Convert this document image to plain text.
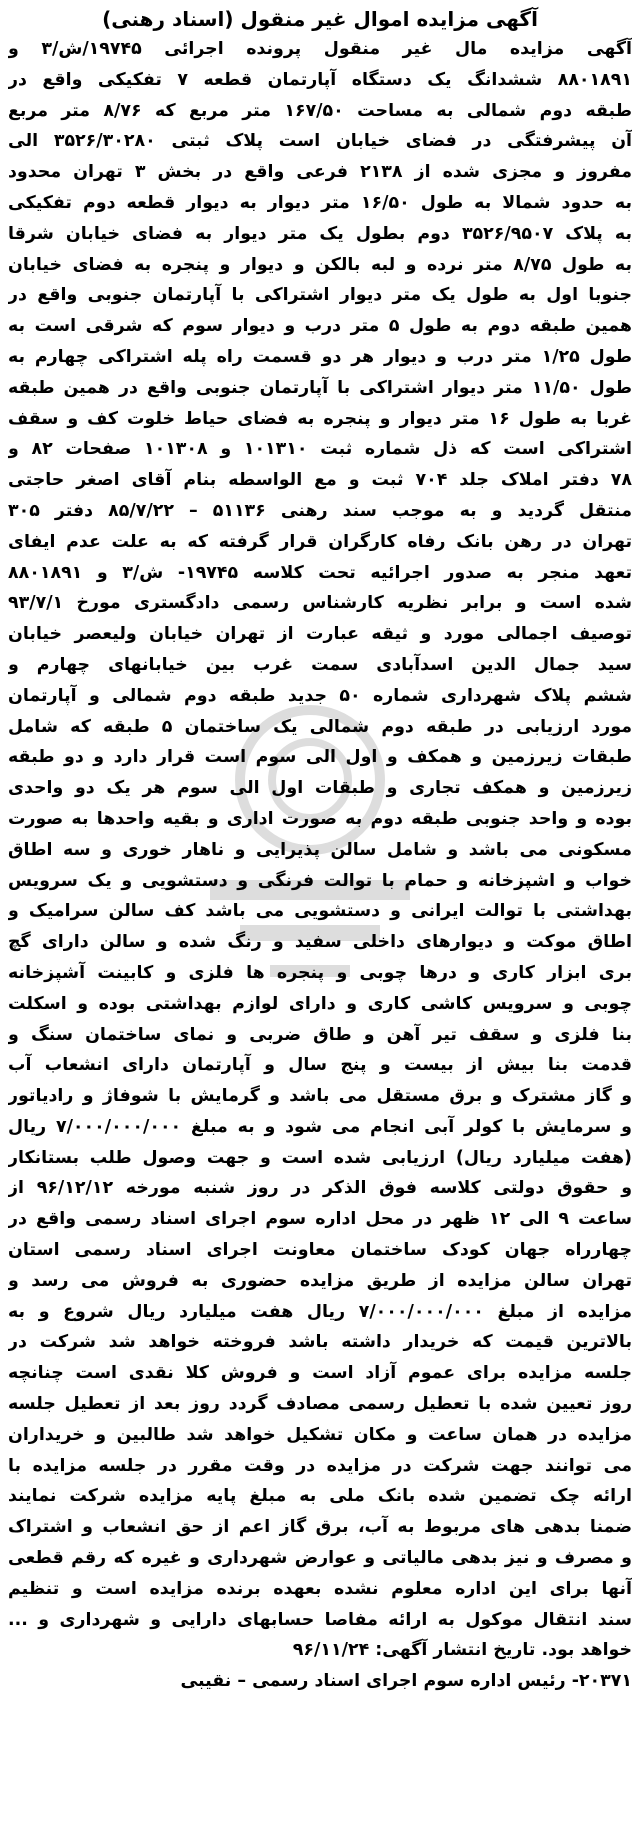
آگهی مزایده اموال غیر منقول (اسناد رهنی)
آگهی مزایده مال غیر منقول پرونده اجرائی ۱۹۷۴۵/ش/۳ و
۸۸۰۱۸۹۱ ششدانگ یک دستگاه آپارتمان قطعه ۷ تفکیکی واقع در
طبقه دوم شمالی به مساحت ۱۶۷/۵۰ متر مربع که ۸/۷۶ متر مربع
آن پیشرفتگی در فضای خیابان است پلاک ثبتی ۳۵۲۶/۳۰۲۸۰ الی
مفروز و مجزی شده از ۲۱۳۸ فرعی واقع در بخش ۳ تهران محدود
به حدود شمالا به طول ۱۶/۵۰ متر دیوار به دیوار قطعه دوم تفکیکی
به پلاک ۳۵۲۶/۹۵۰۷ دوم بطول یک متر دیوار به فضای خیابان شرقا
به طول ۸/۷۵ متر نرده و لبه بالکن و دیوار و پنجره به فضای خیابان
جنوبا اول به طول یک متر دیوار اشتراکی با آپارتمان جنوبی واقع در
همین طبقه دوم به طول ۵ متر درب و دیوار سوم که شرقی است به
طول ۱/۲۵ متر درب و دیوار هر دو قسمت راه پله اشتراکی چهارم به
طول ۱۱/۵۰ متر دیوار اشتراکی با آپارتمان جنوبی واقع در همین طبقه
غربا به طول ۱۶ متر دیوار و پنجره به فضای حیاط خلوت کف و سقف
اشتراکی است که ذل شماره ثبت ۱۰۱۳۱۰ و ۱۰۱۳۰۸ صفحات ۸۲ و
۷۸ دفتر املاک جلد ۷۰۴ ثبت و مع الواسطه بنام آقای اصغر حاجتی
منتقل گردید و به موجب سند رهنی ۵۱۱۳۶ – ۸۵/۷/۲۲ دفتر ۳۰۵
تهران در رهن بانک رفاه کارگران قرار گرفته که به علت عدم ایفای
تعهد منجر به صدور اجرائیه تحت کلاسه ۱۹۷۴۵- ش/۳ و ۸۸۰۱۸۹۱
شده است و برابر نظریه کارشناس رسمی دادگستری مورخ ۹۳/۷/۱
توصیف اجمالی مورد و ثیقه عبارت از تهران خیابان ولیعصر خیابان
سید جمال الدین اسدآبادی سمت غرب بین خیابانهای چهارم و
ششم پلاک شهرداری شماره ۵۰ جدید طبقه دوم شمالی و آپارتمان
مورد ارزیابی در طبقه دوم شمالی یک ساختمان ۵ طبقه که شامل
طبقات زیرزمین و همکف و اول الی سوم است قرار دارد و دو طبقه
زیرزمین و همکف تجاری و طبقات اول الی سوم هر یک دو واحدی
بوده و واحد جنوبی طبقه دوم به صورت اداری و بقیه واحدها به صورت
مسکونی می باشد و شامل سالن پذیرایی و ناهار خوری و سه اطاق
خواب و اشپزخانه و حمام با توالت فرنگی و دستشویی و یک سرویس
بهداشتی با توالت ایرانی و دستشویی می باشد کف سالن سرامیک و
اطاق موکت و دیوارهای داخلی سفید و رنگ شده و سالن دارای گچ
بری ابزار کاری و درها چوبی و پنجره ها فلزی و کابینت آشپزخانه
چوبی و سرویس کاشی کاری و دارای لوازم بهداشتی بوده و اسکلت
بنا فلزی و سقف تیر آهن و طاق ضربی و نمای ساختمان سنگ و
قدمت بنا بیش از بیست و پنج سال و آپارتمان دارای انشعاب آب
و گاز مشترک و برق مستقل می باشد و گرمایش با شوفاژ و رادیاتور
و سرمایش با کولر آبی انجام می شود و به مبلغ ۷/۰۰۰/۰۰۰/۰۰۰ ریال
(هفت میلیارد ریال) ارزیابی شده است و جهت وصول طلب بستانکار
و حقوق دولتی کلاسه فوق الذکر در روز شنبه مورخه ۹۶/۱۲/۱۲ از
ساعت ۹ الی ۱۲ ظهر در محل اداره سوم اجرای اسناد رسمی واقع در
چهارراه جهان کودک ساختمان معاونت اجرای اسناد رسمی استان
تهران سالن مزایده از طریق مزایده حضوری به فروش می رسد و
مزایده از مبلغ ۷/۰۰۰/۰۰۰/۰۰۰ ریال هفت میلیارد ریال شروع و به
بالاترین قیمت که خریدار داشته باشد فروخته خواهد شد شرکت در
جلسه مزایده برای عموم آزاد است و فروش کلا نقدی است چنانچه
روز تعیین شده با تعطیل رسمی مصادف گردد روز بعد از تعطیل جلسه
مزایده در همان ساعت و مکان تشکیل خواهد شد طالبین و خریداران
می توانند جهت شرکت در مزایده در وقت مقرر در جلسه مزایده با
ارائه چک تضمین شده بانک ملی به مبلغ پایه مزایده شرکت نمایند
ضمنا بدهی های مربوط به آب، برق گاز اعم از حق انشعاب و اشتراک
و مصرف و نیز بدهی مالیاتی و عوارض شهرداری و غیره که رقم قطعی
آنها برای این اداره معلوم نشده بعهده برنده مزایده است و تنظیم
سند انتقال موکول به ارائه مفاصا حسابهای دارایی و شهرداری و ...
خواهد بود. تاریخ انتشار آگهی: ۹۶/۱۱/۲۴
۲۰۳۷۱- رئیس اداره سوم اجرای اسناد رسمی – نقیبی
